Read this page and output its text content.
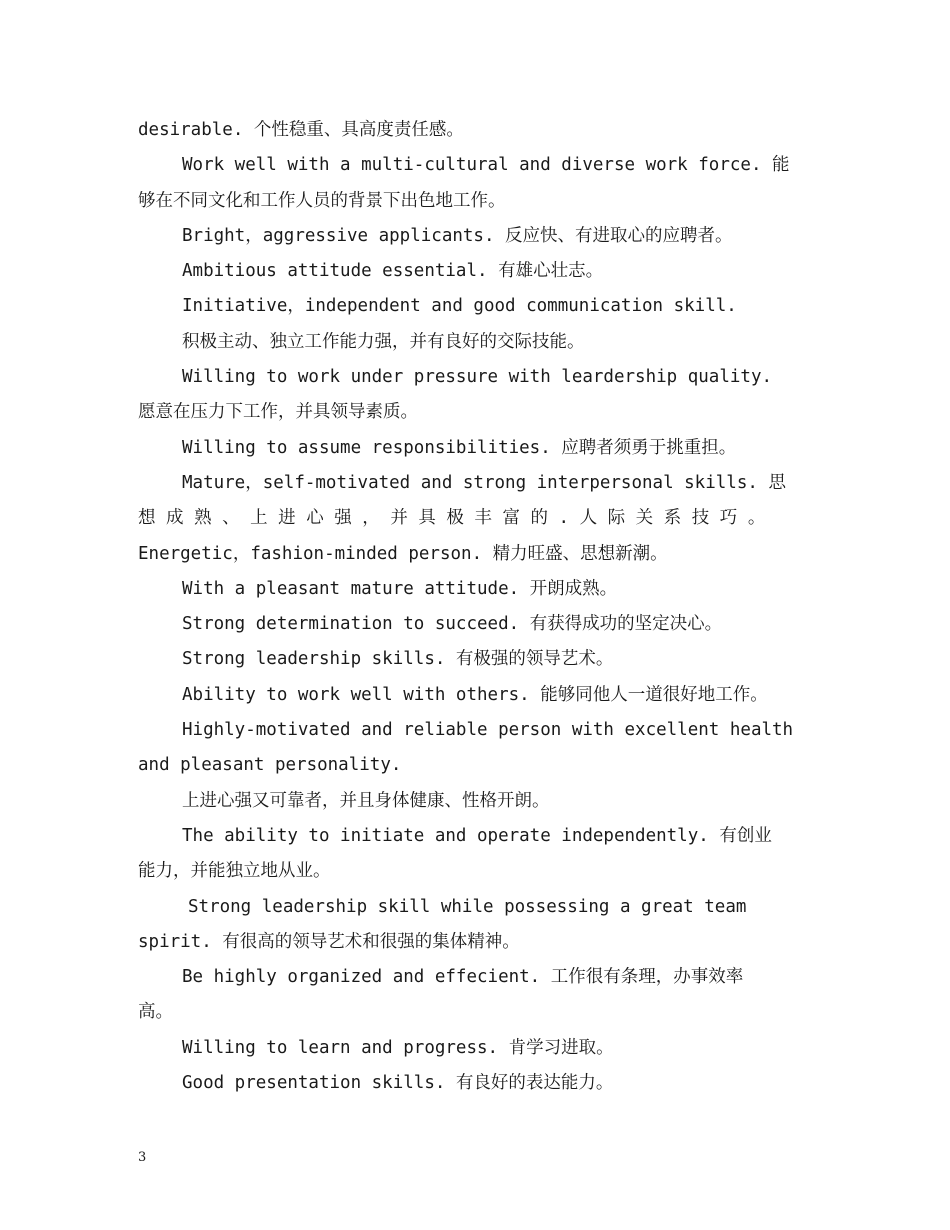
desirable. 个性稳重、具高度责任感。
Work well with a multi-cultural and diverse work force. 能
够在不同文化和工作人员的背景下出色地工作。
Bright，aggressive applicants. 反应快、有进取心的应聘者。
Ambitious attitude essential. 有雄心壮志。
Initiative，independent and good communication skill.
积极主动、独立工作能力强，并有良好的交际技能。
Willing to work under pressure with leardership quality.
愿意在压力下工作，并具领导素质。
Willing to assume responsibilities. 应聘者须勇于挑重担。
Mature，self-motivated and strong interpersonal skills. 思
想 成 熟 、 上 进 心 强 ， 并 具 极 丰 富 的 . 人 际 关 系 技 巧 。
Energetic，fashion-minded person. 精力旺盛、思想新潮。
With a pleasant mature attitude. 开朗成熟。
Strong determination to succeed. 有获得成功的坚定决心。
Strong leadership skills. 有极强的领导艺术。
Ability to work well with others. 能够同他人一道很好地工作。
Highly-motivated and reliable person with excellent health
and pleasant personality.
上进心强又可靠者，并且身体健康、性格开朗。
The ability to initiate and operate independently. 有创业
能力，并能独立地从业。
Strong leadership skill while possessing a great team
spirit. 有很高的领导艺术和很强的集体精神。
Be highly organized and effecient. 工作很有条理，办事效率
高。
Willing to learn and progress. 肯学习进取。
Good presentation skills. 有良好的表达能力。
3
